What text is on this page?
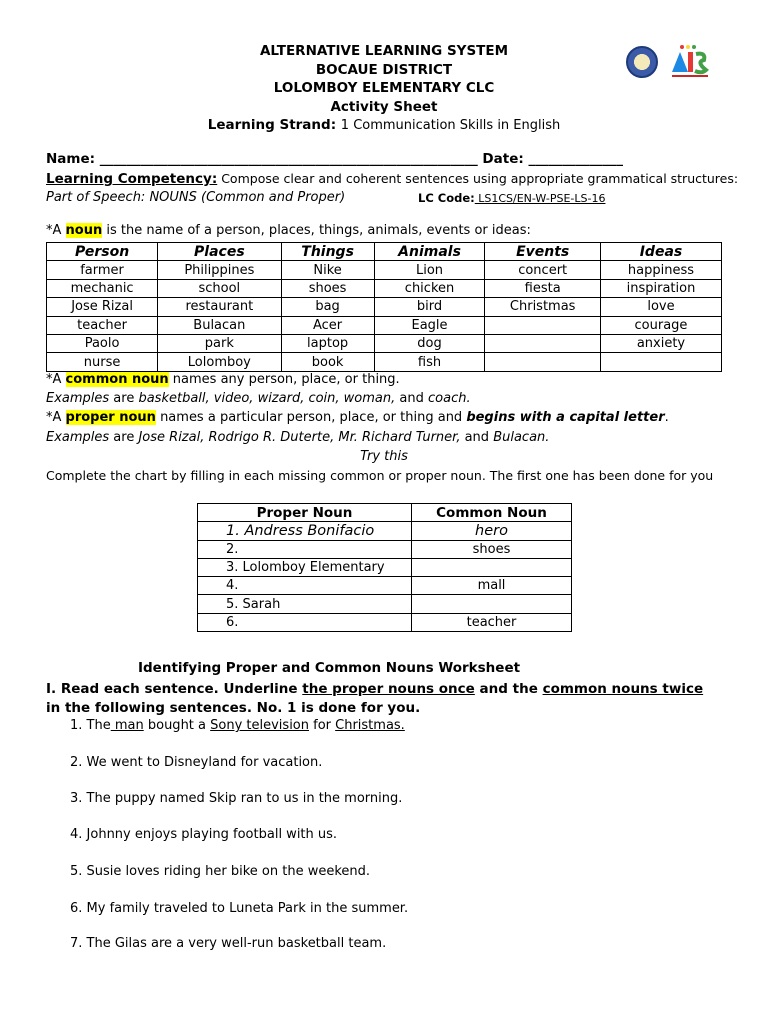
ALTERNATIVE LEARNING SYSTEM
BOCAUE DISTRICT
LOLOMBOY ELEMENTARY CLC
Activity Sheet
Learning Strand: 1 Communication Skills in English
Name: ________________________________________________________ Date: ______________
Learning Competency: Compose clear and coherent sentences using appropriate grammatical structures:
Part of Speech: NOUNS (Common and Proper)	LC Code: LS1CS/EN-W-PSE-LS-16
*A noun is the name of a person, places, things, animals, events or ideas:
Person	Places	Things	Animals	Events	Ideas
farmer	Philippines	Nike	Lion	concert	happiness
mechanic	school	shoes	chicken	fiesta	inspiration
Jose Rizal	restaurant	bag	bird	Christmas	love
teacher	Bulacan	Acer	Eagle		courage
Paolo	park	laptop	dog		anxiety
nurse	Lolomboy	book	fish		
*A common noun names any person, place, or thing.
Examples are basketball, video, wizard, coin, woman, and coach.
*A proper noun names a particular person, place, or thing and begins with a capital letter.
Examples are Jose Rizal, Rodrigo R. Duterte, Mr. Richard Turner, and Bulacan.
Try this
Complete the chart by filling in each missing common or proper noun. The first one has been done for you
Proper Noun	Common Noun
1. Andress Bonifacio	hero
2.	shoes
3. Lolomboy Elementary	
4.	mall
5. Sarah	
6.	teacher
Identifying Proper and Common Nouns Worksheet
I. Read each sentence. Underline the proper nouns once and the common nouns twice in the following sentences. No. 1 is done for you.
1. The man bought a Sony television for Christmas.
2. We went to Disneyland for vacation.
3. The puppy named Skip ran to us in the morning.
4. Johnny enjoys playing football with us.
5. Susie loves riding her bike on the weekend.
6. My family traveled to Luneta Park in the summer.
7. The Gilas are a very well-run basketball team.
